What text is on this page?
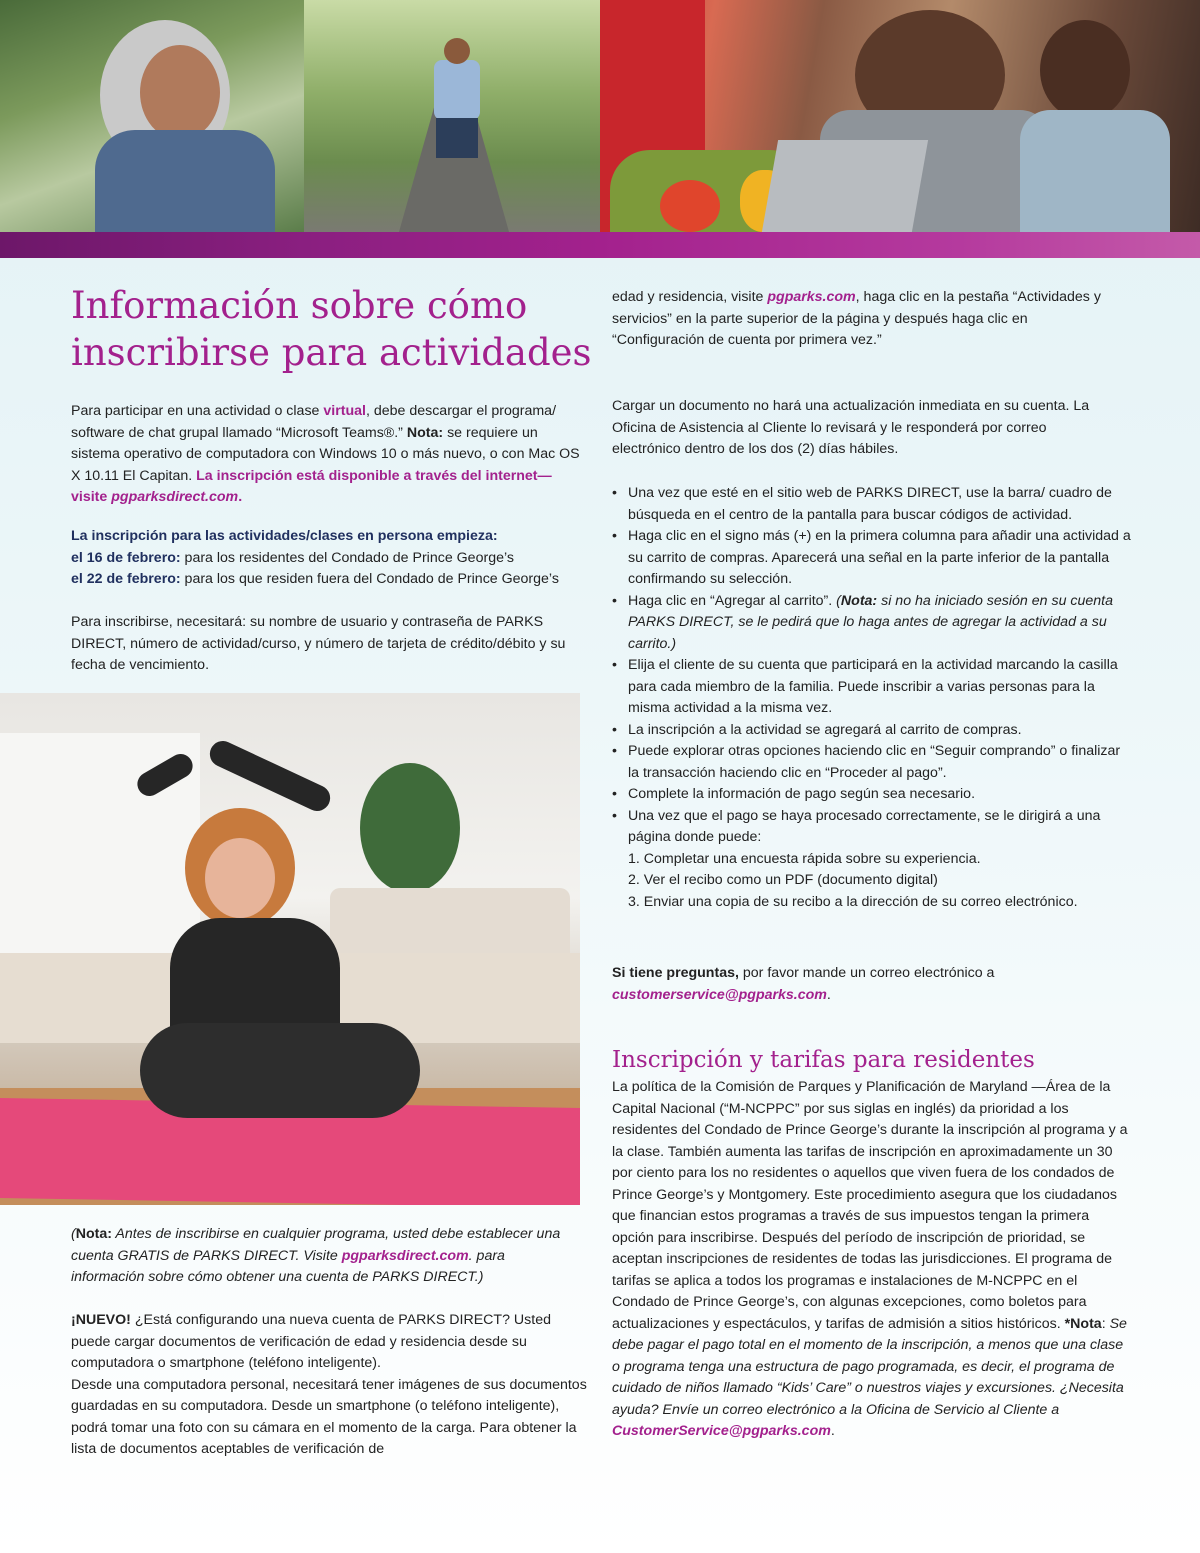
Información sobre cómo inscribirse para actividades

Para participar en una actividad o clase virtual, debe descargar el programa/ software de chat grupal llamado “Microsoft Teams®.” Nota: se requiere un sistema operativo de computadora con Windows 10 o más nuevo, o con Mac OS X 10.11 El Capitan. La inscripción está disponible a través del internet—visite pgparksdirect.com.

La inscripción para las actividades/clases en persona empieza:

el 16 de febrero: para los residentes del Condado de Prince George’s

el 22 de febrero: para los que residen fuera del Condado de Prince George’s

Para inscribirse, necesitará: su nombre de usuario y contraseña de PARKS DIRECT, número de actividad/curso, y número de tarjeta de crédito/débito y su fecha de vencimiento.

(Nota: Antes de inscribirse en cualquier programa, usted debe establecer una cuenta GRATIS de PARKS DIRECT. Visite pgparksdirect.com. para información sobre cómo obtener una cuenta de PARKS DIRECT.)

¡NUEVO! ¿Está configurando una nueva cuenta de PARKS DIRECT? Usted puede cargar documentos de verificación de edad y residencia desde su computadora o smartphone (teléfono inteligente).

Desde una computadora personal, necesitará tener imágenes de sus documentos guardadas en su computadora. Desde un smartphone (o teléfono inteligente), podrá tomar una foto con su cámara en el momento de la carga. Para obtener la lista de documentos aceptables de verificación de

edad y residencia, visite pgparks.com, haga clic en la pestaña “Actividades y servicios” en la parte superior de la página y después haga clic en “Configuración de cuenta por primera vez.”

Cargar un documento no hará una actualización inmediata en su cuenta. La Oficina de Asistencia al Cliente lo revisará y le responderá por correo electrónico dentro de los dos (2) días hábiles.

• Una vez que esté en el sitio web de PARKS DIRECT, use la barra/ cuadro de búsqueda en el centro de la pantalla para buscar códigos de actividad.
• Haga clic en el signo más (+) en la primera columna para añadir una actividad a su carrito de compras. Aparecerá una señal en la parte inferior de la pantalla confirmando su selección.
• Haga clic en “Agregar al carrito”. (Nota: si no ha iniciado sesión en su cuenta PARKS DIRECT, se le pedirá que lo haga antes de agregar la actividad a su carrito.)
• Elija el cliente de su cuenta que participará en la actividad marcando la casilla para cada miembro de la familia. Puede inscribir a varias personas para la misma actividad a la misma vez.
• La inscripción a la actividad se agregará al carrito de compras.
• Puede explorar otras opciones haciendo clic en “Seguir comprando” o finalizar la transacción haciendo clic en “Proceder al pago”.
• Complete la información de pago según sea necesario.
• Una vez que el pago se haya procesado correctamente, se le dirigirá a una página donde puede:
1. Completar una encuesta rápida sobre su experiencia.
2. Ver el recibo como un PDF (documento digital)
3. Enviar una copia de su recibo a la dirección de su correo electrónico.

Si tiene preguntas, por favor mande un correo electrónico a customerservice@pgparks.com.

Inscripción y tarifas para residentes

La política de la Comisión de Parques y Planificación de Maryland —Área de la Capital Nacional (“M-NCPPC” por sus siglas en inglés) da prioridad a los residentes del Condado de Prince George’s durante la inscripción al programa y a la clase. También aumenta las tarifas de inscripción en aproximadamente un 30 por ciento para los no residentes o aquellos que viven fuera de los condados de Prince George’s y Montgomery. Este procedimiento asegura que los ciudadanos que financian estos programas a través de sus impuestos tengan la primera opción para inscribirse. Después del período de inscripción de prioridad, se aceptan inscripciones de residentes de todas las jurisdicciones. El programa de tarifas se aplica a todos los programas e instalaciones de M-NCPPC en el Condado de Prince George’s, con algunas excepciones, como boletos para actualizaciones y espectáculos, y tarifas de admisión a sitios históricos. *Nota: Se debe pagar el pago total en el momento de la inscripción, a menos que una clase o programa tenga una estructura de pago programada, es decir, el programa de cuidado de niños llamado “Kids’ Care” o nuestros viajes y excursiones. ¿Necesita ayuda? Envíe un correo electrónico a la Oficina de Servicio al Cliente a CustomerService@pgparks.com.
